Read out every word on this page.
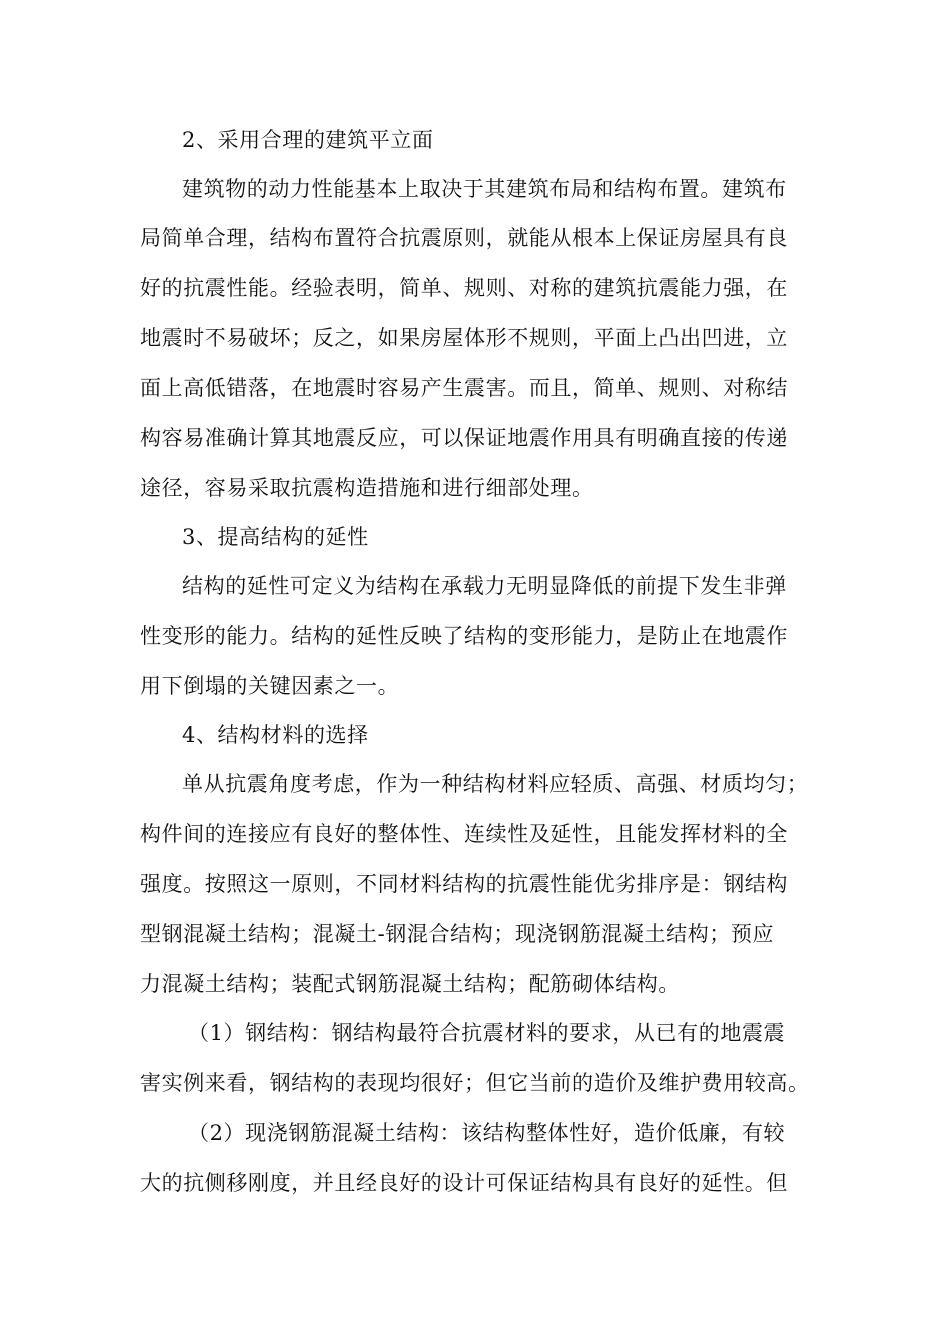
2、采用合理的建筑平立面
建筑物的动力性能基本上取决于其建筑布局和结构布置。建筑布
局简单合理，结构布置符合抗震原则，就能从根本上保证房屋具有良
好的抗震性能。经验表明，简单、规则、对称的建筑抗震能力强，在
地震时不易破坏；反之，如果房屋体形不规则，平面上凸出凹进，立
面上高低错落，在地震时容易产生震害。而且，简单、规则、对称结
构容易准确计算其地震反应，可以保证地震作用具有明确直接的传递
途径，容易采取抗震构造措施和进行细部处理。
3、提高结构的延性
结构的延性可定义为结构在承载力无明显降低的前提下发生非弹
性变形的能力。结构的延性反映了结构的变形能力，是防止在地震作
用下倒塌的关键因素之一。
4、结构材料的选择
单从抗震角度考虑，作为一种结构材料应轻质、高强、材质均匀；
构件间的连接应有良好的整体性、连续性及延性，且能发挥材料的全
强度。按照这一原则，不同材料结构的抗震性能优劣排序是：钢结构
型钢混凝土结构；混凝土-钢混合结构；现浇钢筋混凝土结构；预应
力混凝土结构；装配式钢筋混凝土结构；配筋砌体结构。
（1）钢结构：钢结构最符合抗震材料的要求，从已有的地震震
害实例来看，钢结构的表现均很好；但它当前的造价及维护费用较高。
（2）现浇钢筋混凝土结构：该结构整体性好，造价低廉，有较
大的抗侧移刚度，并且经良好的设计可保证结构具有良好的延性。但
